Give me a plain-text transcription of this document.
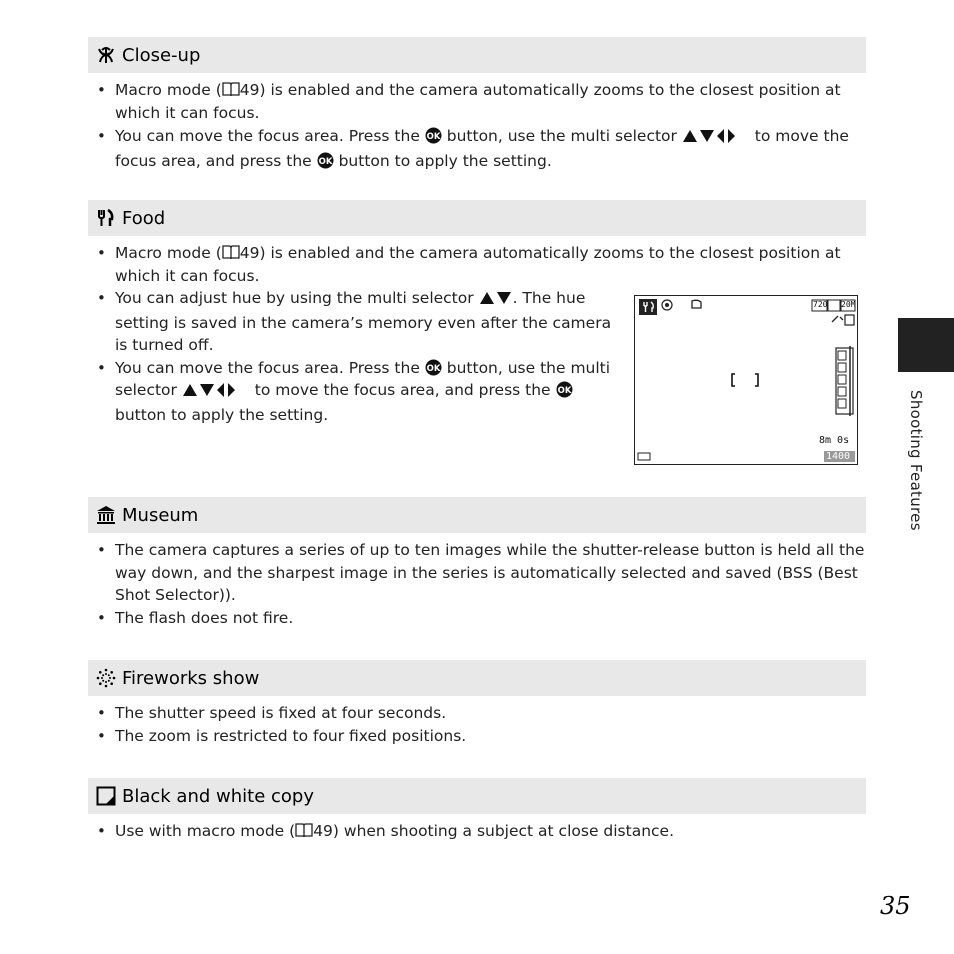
Close-up
• Macro mode ( 49) is enabled and the camera automatically zooms to the closest position at which it can focus.
• You can move the focus area. Press the OK button, use the multi selector	to move the focus area, and press the OK button to apply the setting.
Food
• Macro mode ( 49) is enabled and the camera automatically zooms to the closest position at which it can focus.
• You can adjust hue by using the multi selector	. The hue setting is saved in the camera’s memory even after the camera is turned off.
• You can move the focus area. Press the OK button, use the multi selector	to move the focus area, and press the OK
button to apply the setting.
720 20M
8m 0s
1400
Museum
• The camera captures a series of up to ten images while the shutter-release button is held all the way down, and the sharpest image in the series is automatically selected and saved (BSS (Best Shot Selector)).
• The flash does not fire.
Fireworks show
• The shutter speed is fixed at four seconds.
• The zoom is restricted to four fixed positions.
Black and white copy
• Use with macro mode ( 49) when shooting a subject at close distance.
Shooting Features
35
